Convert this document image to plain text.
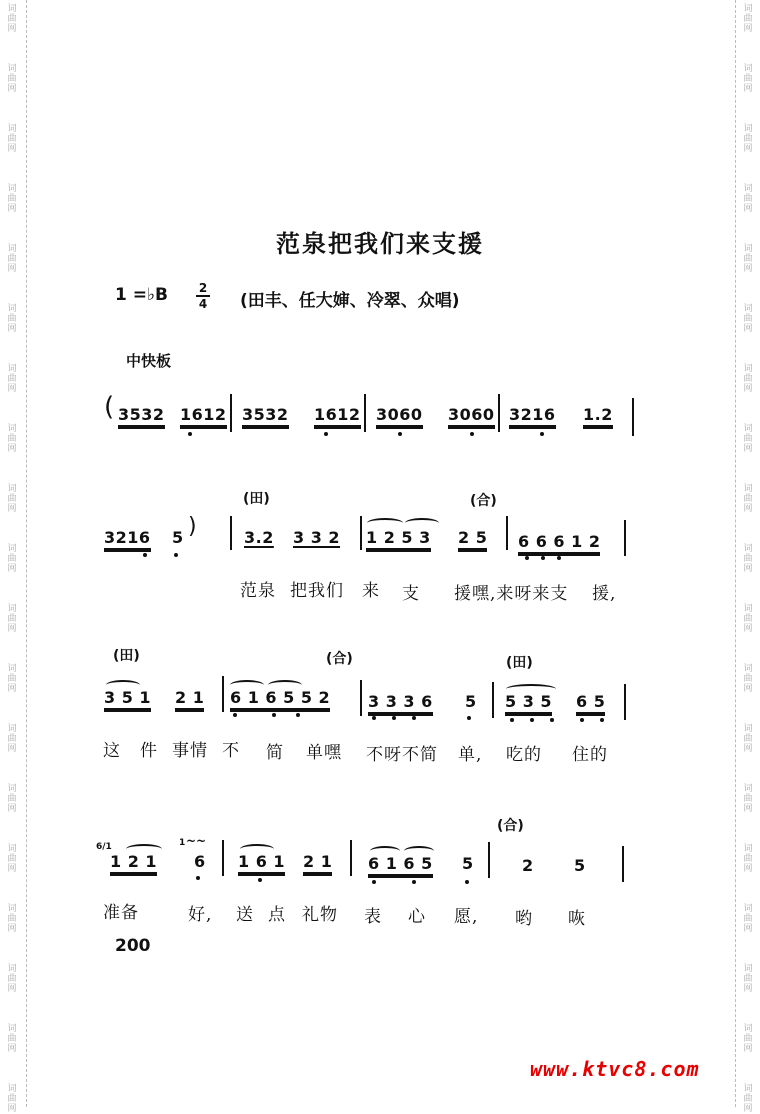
词
曲
网
词
曲
网
词
曲
网
词
曲
网
词
曲
网
词
曲
网
词
曲
网
词
曲
网
词
曲
网
词
曲
网
词
曲
网
词
曲
网
词
曲
网
词
曲
网
词
曲
网
词
曲
网
词
曲
网
词
曲
网
词
曲
网
词
曲
网
词
曲
网
词
曲
网
词
曲
网
词
曲
网
词
曲
网
词
曲
网
词
曲
网
词
曲
网
词
曲
网
词
曲
网
词
曲
网
词
曲
网
词
曲
网
词
曲
网
词
曲
网
词
曲
网
词
曲
网
词
曲
网
范泉把我们来支援
1 =♭B	2
4 (田丰、任大婶、冷翠、众唱)
中快板
( 3532 1612 3532 1612 3060 3060 3216 1.2
(田)	(合)
3216 5 )	3.2 3 3 2 1 2 5 3 2 5 6 6 6 1 2
范泉 把我们 来 支 援嘿,来呀来支 援,
(田)	(合)	(田)
3 5 1 2 1 6 1 6 5 5 2 3 3 3 6 5 5 3 5 6 5
这 件 事情 不 简 单嘿 不呀不简 单, 吃的 住的
(合)
6/1
1 2 1
1 ~~
6 1 6 1 2 1 6 1 6 5 5	2	5
准备	好, 送 点 礼物 表 心 愿, 哟 咴
200
www.ktvc8.com
